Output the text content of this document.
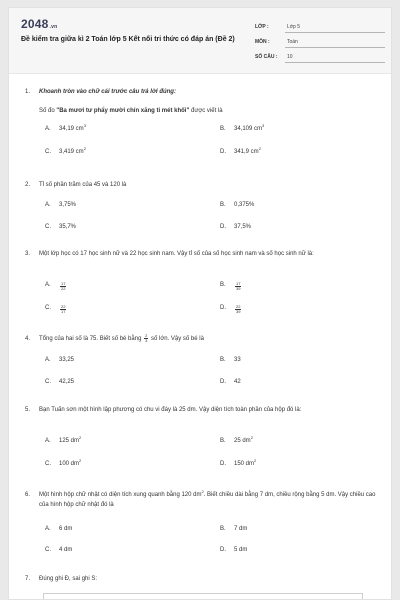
2048.vn
Đề kiểm tra giữa kì 2 Toán lớp 5 Kết nối tri thức có đáp án (Đề 2)
LỚP :	Lớp 5
MÔN :	Toán
SỐ CÂU :	10
1.	Khoanh tròn vào chữ cái trước câu trả lời đúng:
Số đo "Ba mươi tư phẩy mười chín xăng ti mét khối" được viết là
A.	34,19 cm
3
B.	34,109 cm
3
C.	3,419 cm
2
D.	341,9 cm
2
2.	Tỉ số phần trăm của 45 và 120 là
A.	3,75%	B.	0,375%
C.	35,7%	D.	37,5%
3.	Một lớp học có 17 học sinh nữ và 22 học sinh nam. Vậy tỉ số của số học sinh nam và số học sinh nữ là:
A.	$\frac{17}{22}$	B.	$\frac{17}{39}$
C.	$\frac{22}{17}$	D.	$\frac{22}{39}$
4.	Tổng của hai số là 75. Biết số bé bằng $\frac{2}{3}$ số lớn. Vậy số bé là
A.	33,25	B.	33
C.	42,25	D.	42
5.	Bạn Tuấn sơn một hình lập phương có chu vi đáy là 25 dm. Vậy diện tích toàn phần của hộp đó là:
A.	125 dm
2
B.	25 dm
2
C.	100 dm
2
D.	150 dm
2
6.	Một hình hộp chữ nhật có diện tích xung quanh bằng 120 $dm^2$. Biết chiều dài bằng 7 dm, chiều rộng bằng 5 dm. Vậy chiều cao của hình hộp chữ nhật đó là
A.	6 dm	B.	7 dm
C.	4 dm	D.	5 dm
7.	Đúng ghi Đ, sai ghi S:
